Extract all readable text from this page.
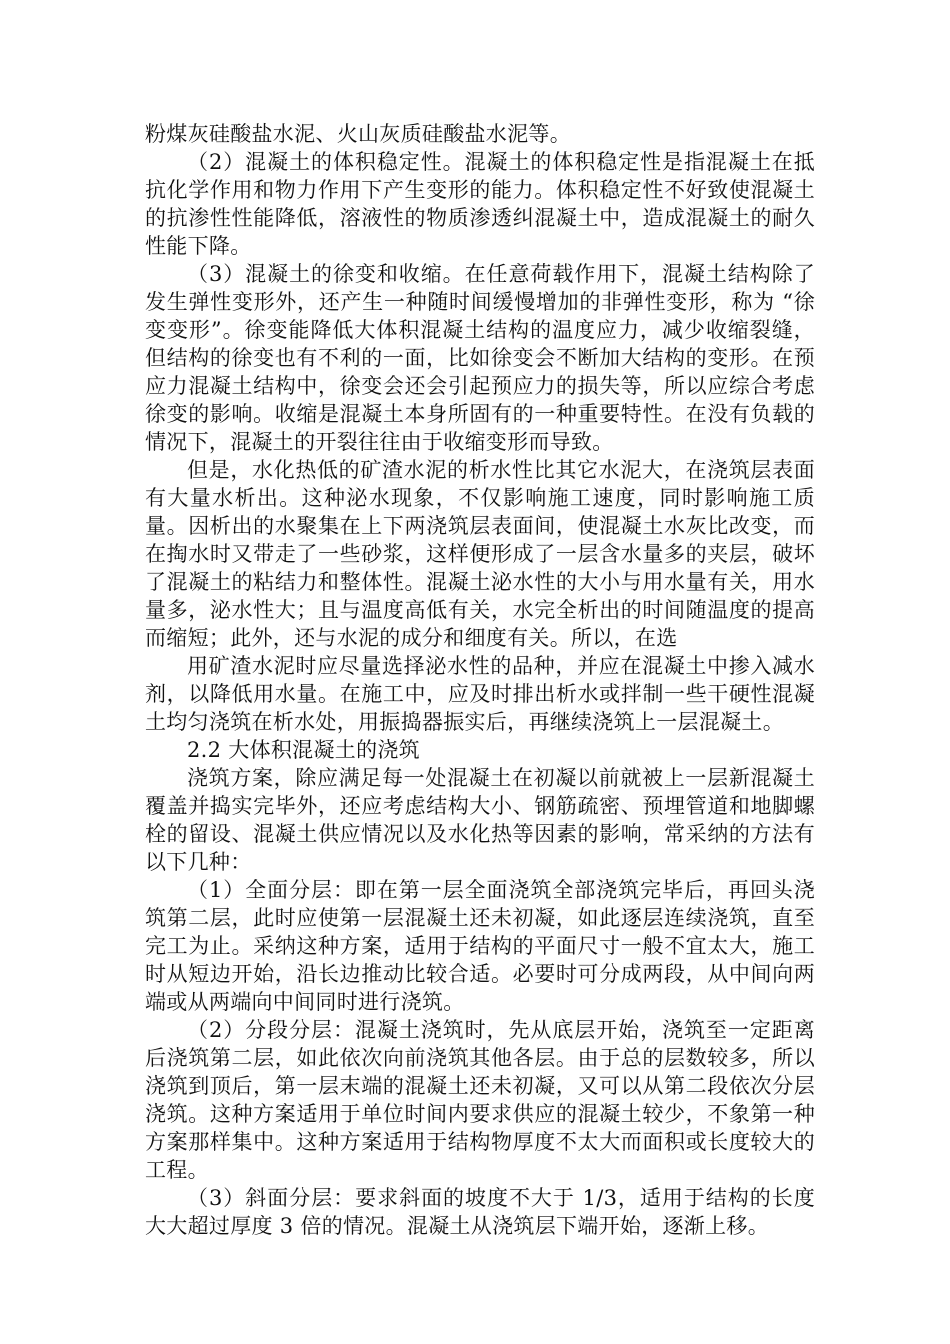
粉煤灰硅酸盐水泥、火山灰质硅酸盐水泥等。

（2）混凝土的体积稳定性。混凝土的体积稳定性是指混凝土在抵抗化学作用和物力作用下产生变形的能力。体积稳定性不好致使混凝土的抗渗性性能降低，溶液性的物质渗透纠混凝土中，造成混凝土的耐久性能下降。

（3）混凝土的徐变和收缩。在任意荷载作用下，混凝土结构除了发生弹性变形外，还产生一种随时间缓慢增加的非弹性变形，称为 “徐变变形”。徐变能降低大体积混凝土结构的温度应力，减少收缩裂缝，但结构的徐变也有不利的一面，比如徐变会不断加大结构的变形。在预应力混凝土结构中，徐变会还会引起预应力的损失等，所以应综合考虑徐变的影响。收缩是混凝土本身所固有的一种重要特性。在没有负载的情况下，混凝土的开裂往往由于收缩变形而导致。

但是，水化热低的矿渣水泥的析水性比其它水泥大，在浇筑层表面有大量水析出。这种泌水现象，不仅影响施工速度，同时影响施工质量。因析出的水聚集在上下两浇筑层表面间，使混凝土水灰比改变，而在掏水时又带走了一些砂浆，这样便形成了一层含水量多的夹层，破坏了混凝土的粘结力和整体性。混凝土泌水性的大小与用水量有关，用水量多，泌水性大；且与温度高低有关，水完全析出的时间随温度的提高而缩短；此外，还与水泥的成分和细度有关。所以，在选

用矿渣水泥时应尽量选择泌水性的品种，并应在混凝土中掺入减水剂，以降低用水量。在施工中，应及时排出析水或拌制一些干硬性混凝土均匀浇筑在析水处，用振捣器振实后，再继续浇筑上一层混凝土。

2.2 大体积混凝土的浇筑

浇筑方案，除应满足每一处混凝土在初凝以前就被上一层新混凝土覆盖并捣实完毕外，还应考虑结构大小、钢筋疏密、预埋管道和地脚螺栓的留设、混凝土供应情况以及水化热等因素的影响，常采纳的方法有以下几种：

（1）全面分层：即在第一层全面浇筑全部浇筑完毕后，再回头浇筑第二层，此时应使第一层混凝土还未初凝，如此逐层连续浇筑，直至完工为止。采纳这种方案，适用于结构的平面尺寸一般不宜太大，施工时从短边开始，沿长边推动比较合适。必要时可分成两段，从中间向两端或从两端向中间同时进行浇筑。

（2）分段分层：混凝土浇筑时，先从底层开始，浇筑至一定距离后浇筑第二层，如此依次向前浇筑其他各层。由于总的层数较多，所以浇筑到顶后，第一层末端的混凝土还未初凝，又可以从第二段依次分层浇筑。这种方案适用于单位时间内要求供应的混凝土较少，不象第一种方案那样集中。这种方案适用于结构物厚度不太大而面积或长度较大的工程。

（3）斜面分层：要求斜面的坡度不大于 1/3，适用于结构的长度大大超过厚度 3 倍的情况。混凝土从浇筑层下端开始，逐渐上移。
